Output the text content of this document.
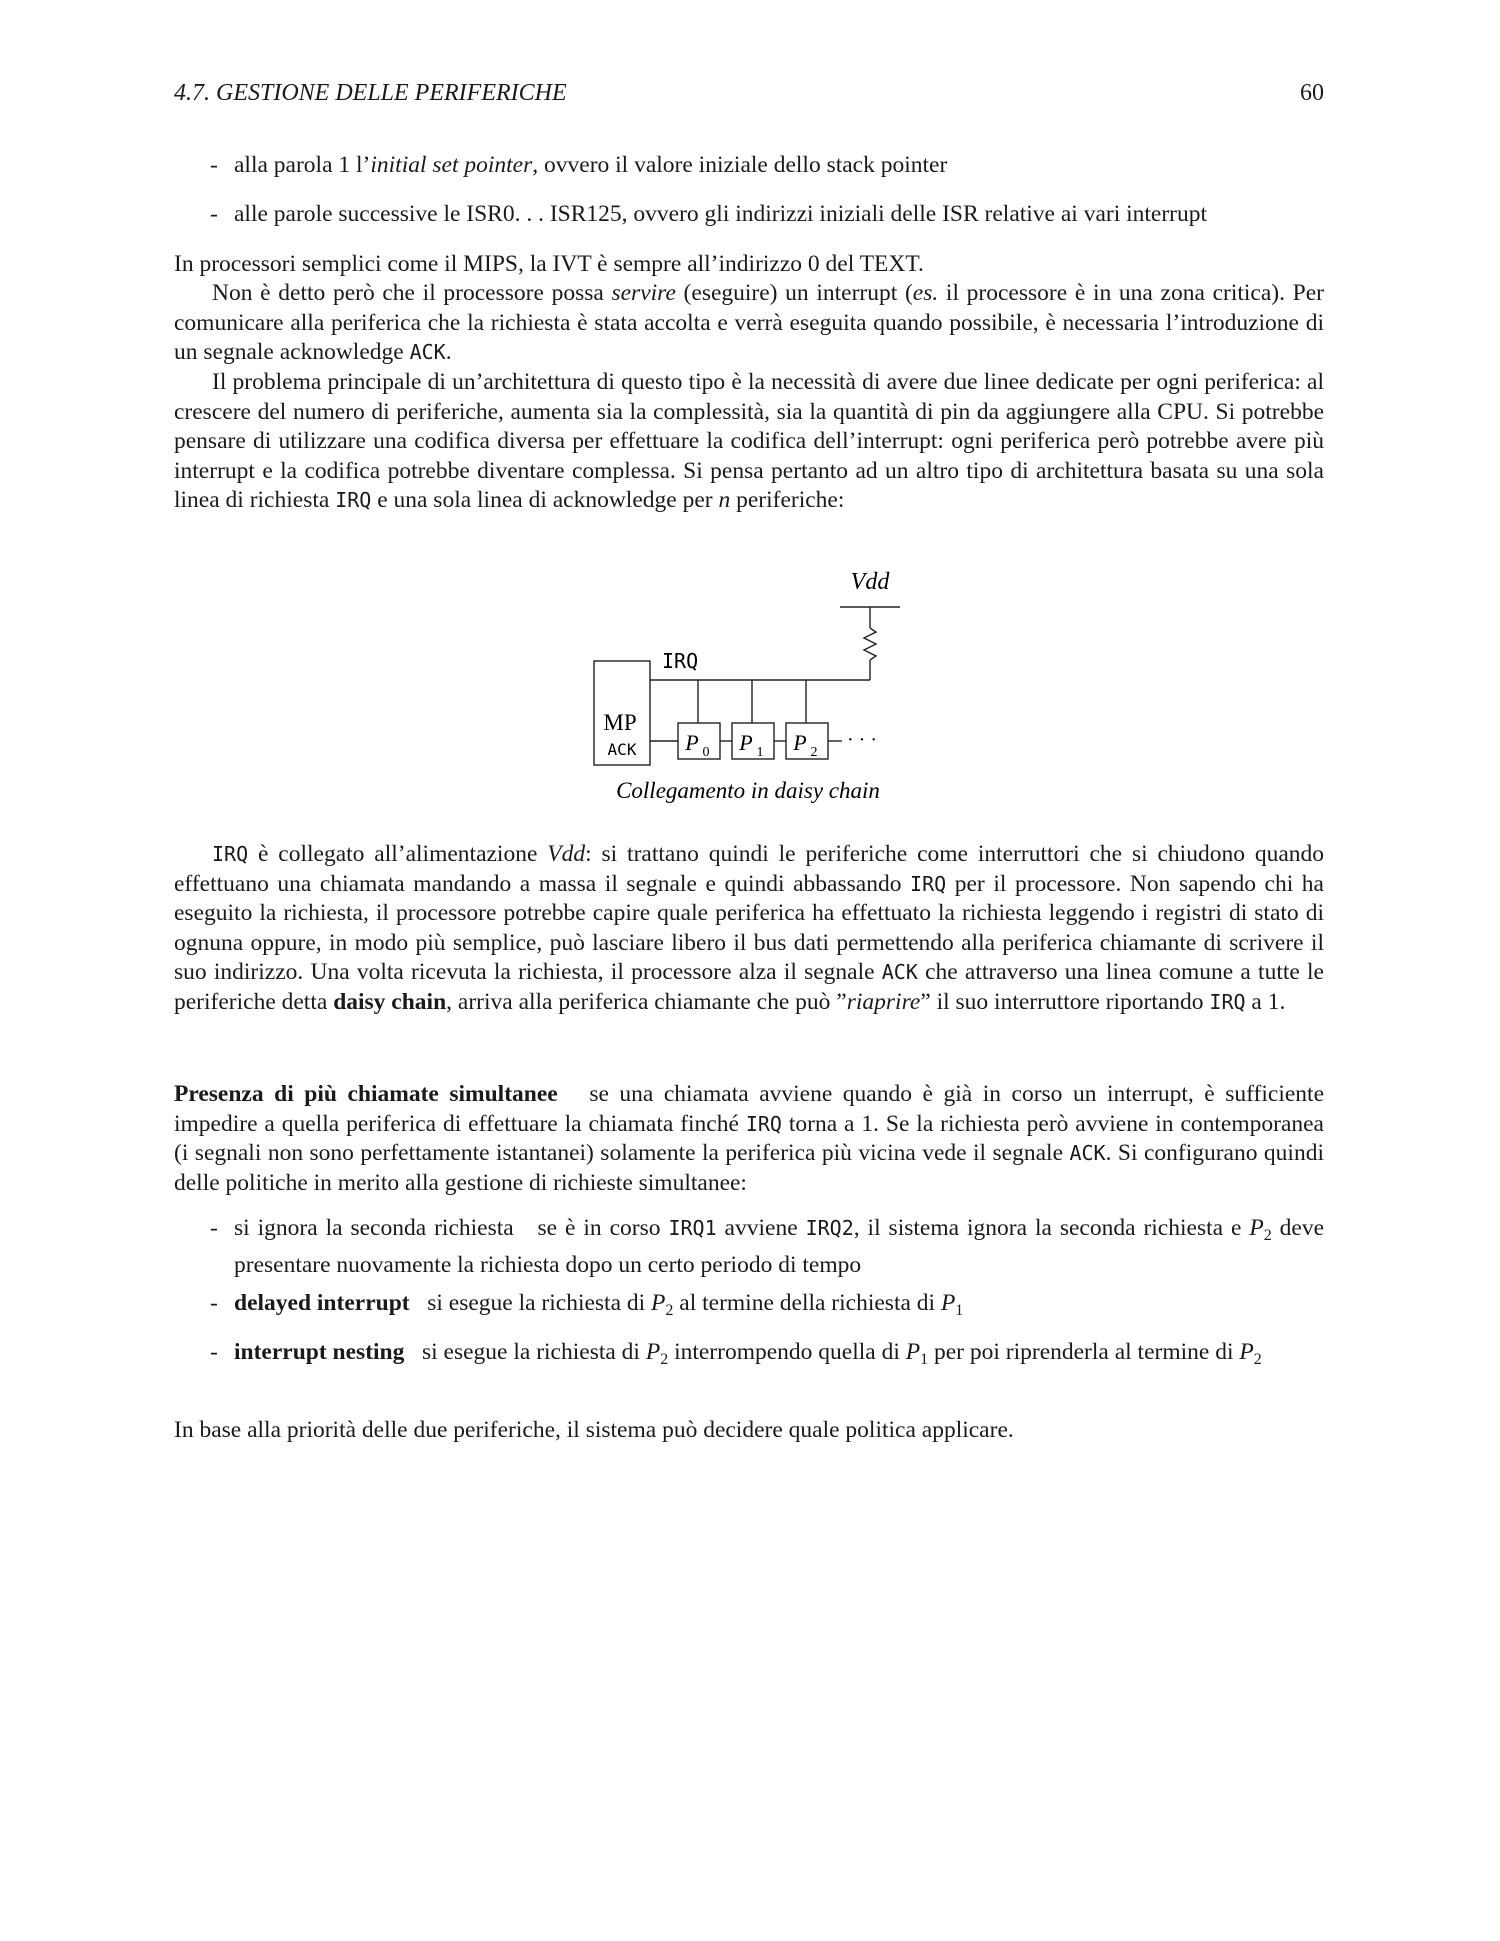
4.7. GESTIONE DELLE PERIFERICHE	60
- alla parola 1 l’initial set pointer, ovvero il valore iniziale dello stack pointer
- alle parole successive le ISR0. . . ISR125, ovvero gli indirizzi iniziali delle ISR relative ai vari interrupt
In processori semplici come il MIPS, la IVT è sempre all’indirizzo 0 del TEXT.
Non è detto però che il processore possa servire (eseguire) un interrupt (es. il processore è in una zona critica). Per comunicare alla periferica che la richiesta è stata accolta e verrà eseguita quando possibile, è necessaria l’introduzione di un segnale acknowledge ACK.
Il problema principale di un’architettura di questo tipo è la necessità di avere due linee dedicate per ogni periferica: al crescere del numero di periferiche, aumenta sia la complessità, sia la quantità di pin da aggiungere alla CPU. Si potrebbe pensare di utilizzare una codifica diversa per effettuare la codifica dell’interrupt: ogni periferica però potrebbe avere più interrupt e la codifica potrebbe diventare complessa. Si pensa pertanto ad un altro tipo di architettura basata su una sola linea di richiesta IRQ e una sola linea di acknowledge per n periferiche:
Vdd
IRQ
MP
ACK P 0 P 1 P 2
· · ·
Collegamento in daisy chain
IRQ è collegato all’alimentazione Vdd: si trattano quindi le periferiche come interruttori che si chiudono quando effettuano una chiamata mandando a massa il segnale e quindi abbassando IRQ per il processore. Non sapendo chi ha eseguito la richiesta, il processore potrebbe capire quale periferica ha effettuato la richiesta leggendo i registri di stato di ognuna oppure, in modo più semplice, può lasciare libero il bus dati permettendo alla periferica chiamante di scrivere il suo indirizzo. Una volta ricevuta la richiesta, il processore alza il segnale ACK che attraverso una linea comune a tutte le periferiche detta daisy chain, arriva alla periferica chiamante che può ”riaprire” il suo interruttore riportando IRQ a 1.
Presenza di più chiamate simultanee se una chiamata avviene quando è già in corso un interrupt, è sufficiente impedire a quella periferica di effettuare la chiamata finché IRQ torna a 1. Se la richiesta però avviene in contemporanea (i segnali non sono perfettamente istantanei) solamente la periferica più vicina vede il segnale ACK. Si configurano quindi delle politiche in merito alla gestione di richieste simultanee:
- si ignora la seconda richiesta se è in corso IRQ1 avviene IRQ2, il sistema ignora la seconda richiesta e $P_2$ deve presentare nuovamente la richiesta dopo un certo periodo di tempo
- delayed interrupt si esegue la richiesta di $P_2$ al termine della richiesta di $P_1$
- interrupt nesting si esegue la richiesta di $P_2$ interrompendo quella di $P_1$ per poi riprenderla al termine di $P_2$
In base alla priorità delle due periferiche, il sistema può decidere quale politica applicare.
